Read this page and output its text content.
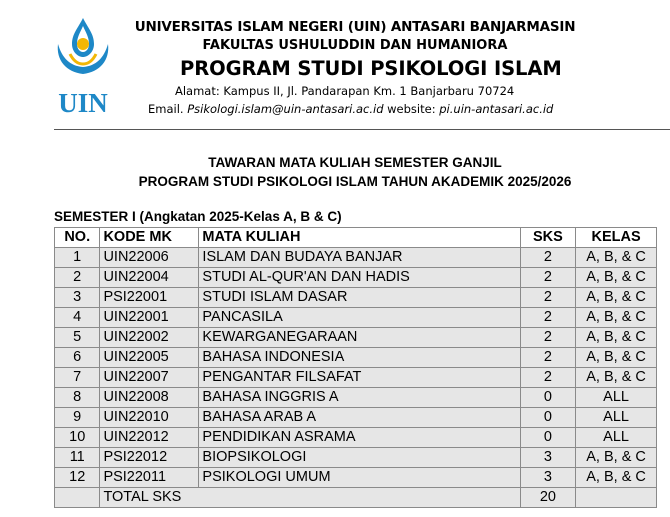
UIN
UNIVERSITAS ISLAM NEGERI (UIN) ANTASARI BANJARMASIN
FAKULTAS USHULUDDIN DAN HUMANIORA
PROGRAM STUDI PSIKOLOGI ISLAM
Alamat: Kampus II, Jl. Pandarapan Km. 1 Banjarbaru 70724
Email. Psikologi.islam@uin-antasari.ac.id website: pi.uin-antasari.ac.id
TAWARAN MATA KULIAH SEMESTER GANJIL
PROGRAM STUDI PSIKOLOGI ISLAM TAHUN AKADEMIK 2025/2026
SEMESTER I (Angkatan 2025-Kelas A, B & C)
NO.	KODE MK	MATA KULIAH	SKS	KELAS
1	UIN22006	ISLAM DAN BUDAYA BANJAR	2	A, B, & C
2	UIN22004	STUDI AL-QUR'AN DAN HADIS	2	A, B, & C
3	PSI22001	STUDI ISLAM DASAR	2	A, B, & C
4	UIN22001	PANCASILA	2	A, B, & C
5	UIN22002	KEWARGANEGARAAN	2	A, B, & C
6	UIN22005	BAHASA INDONESIA	2	A, B, & C
7	UIN22007	PENGANTAR FILSAFAT	2	A, B, & C
8	UIN22008	BAHASA INGGRIS A	0	ALL
9	UIN22010	BAHASA ARAB A	0	ALL
10	UIN22012	PENDIDIKAN ASRAMA	0	ALL
11	PSI22012	BIOPSIKOLOGI	3	A, B, & C
12	PSI22011	PSIKOLOGI UMUM	3	A, B, & C
	TOTAL SKS		20	
